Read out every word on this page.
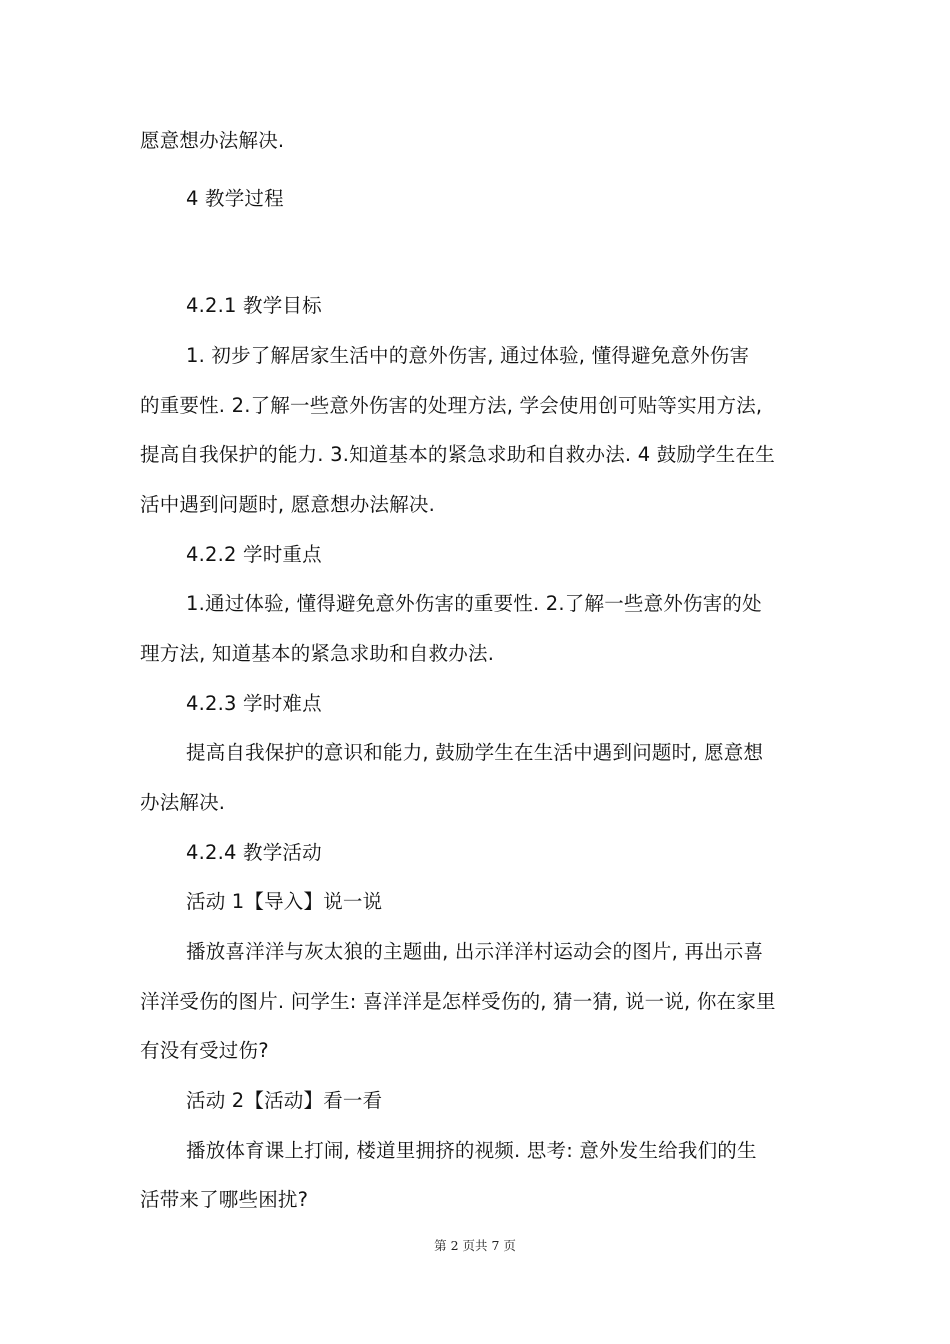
愿意想办法解决.
4 教学过程
4.2.1 教学目标
1. 初步了解居家生活中的意外伤害, 通过体验, 懂得避免意外伤害
的重要性. 2.了解一些意外伤害的处理方法, 学会使用创可贴等实用方法,
提高自我保护的能力. 3.知道基本的紧急求助和自救办法. 4 鼓励学生在生
活中遇到问题时, 愿意想办法解决.
4.2.2 学时重点
1.通过体验, 懂得避免意外伤害的重要性. 2.了解一些意外伤害的处
理方法, 知道基本的紧急求助和自救办法.
4.2.3 学时难点
提高自我保护的意识和能力, 鼓励学生在生活中遇到问题时, 愿意想
办法解决.
4.2.4 教学活动
活动 1【导入】说一说
播放喜洋洋与灰太狼的主题曲, 出示洋洋村运动会的图片, 再出示喜
洋洋受伤的图片. 问学生: 喜洋洋是怎样受伤的, 猜一猜, 说一说, 你在家里
有没有受过伤?
活动 2【活动】看一看
播放体育课上打闹, 楼道里拥挤的视频. 思考: 意外发生给我们的生
活带来了哪些困扰?
第 2 页共 7 页
